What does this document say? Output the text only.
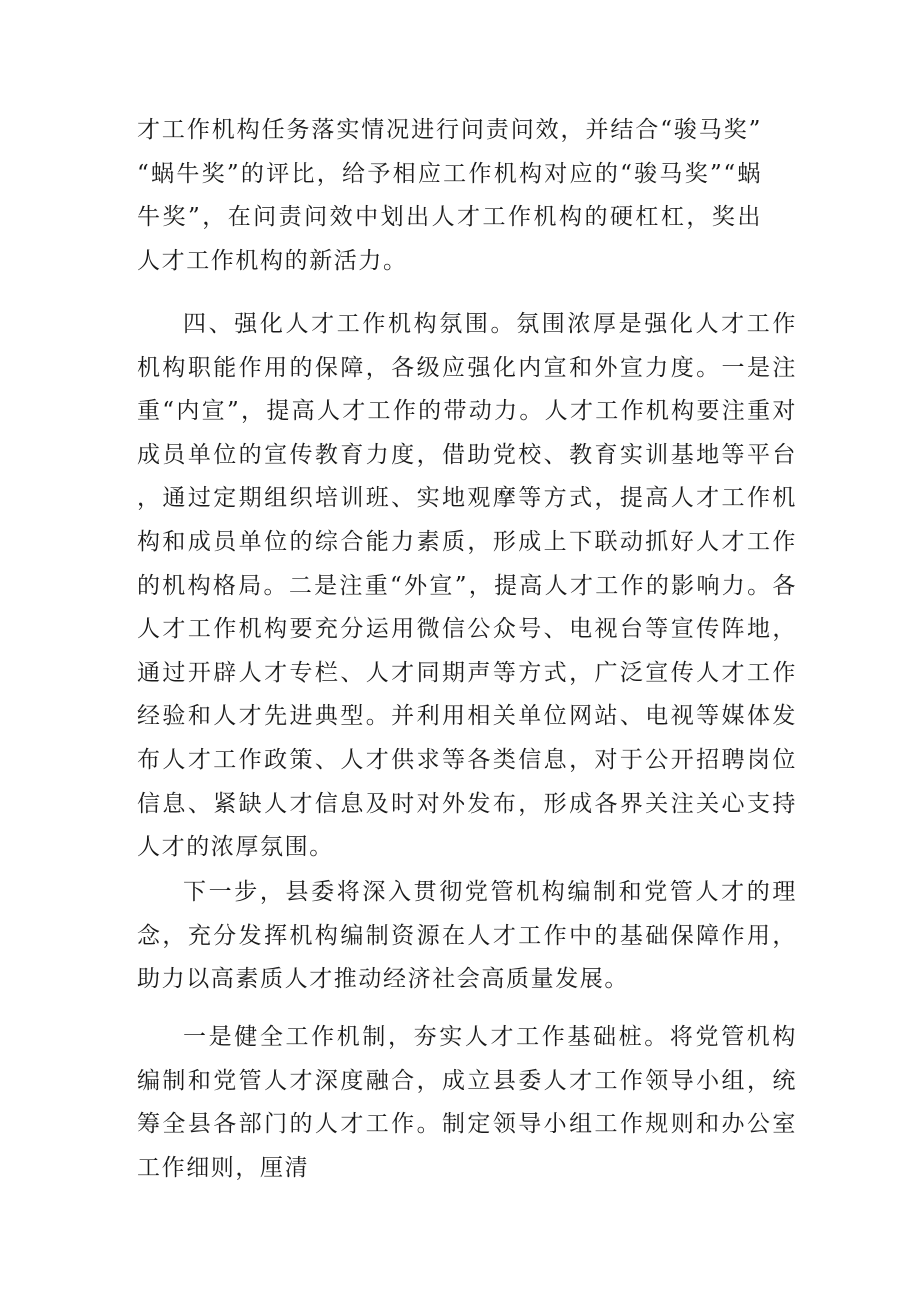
才工作机构任务落实情况进行问责问效，并结合“骏马奖”“蜗牛奖”的评比，给予相应工作机构对应的“骏马奖”“蜗牛奖”，在问责问效中划出人才工作机构的硬杠杠，奖出人才工作机构的新活力。

四、强化人才工作机构氛围。氛围浓厚是强化人才工作机构职能作用的保障，各级应强化内宣和外宣力度。一是注重“内宣”，提高人才工作的带动力。人才工作机构要注重对成员单位的宣传教育力度，借助党校、教育实训基地等平台，通过定期组织培训班、实地观摩等方式，提高人才工作机构和成员单位的综合能力素质，形成上下联动抓好人才工作的机构格局。二是注重“外宣”，提高人才工作的影响力。各人才工作机构要充分运用微信公众号、电视台等宣传阵地，通过开辟人才专栏、人才同期声等方式，广泛宣传人才工作经验和人才先进典型。并利用相关单位网站、电视等媒体发布人才工作政策、人才供求等各类信息，对于公开招聘岗位信息、紧缺人才信息及时对外发布，形成各界关注关心支持人才的浓厚氛围。

下一步，县委将深入贯彻党管机构编制和党管人才的理念，充分发挥机构编制资源在人才工作中的基础保障作用，助力以高素质人才推动经济社会高质量发展。

一是健全工作机制，夯实人才工作基础桩。将党管机构编制和党管人才深度融合，成立县委人才工作领导小组，统筹全县各部门的人才工作。制定领导小组工作规则和办公室工作细则，厘清
